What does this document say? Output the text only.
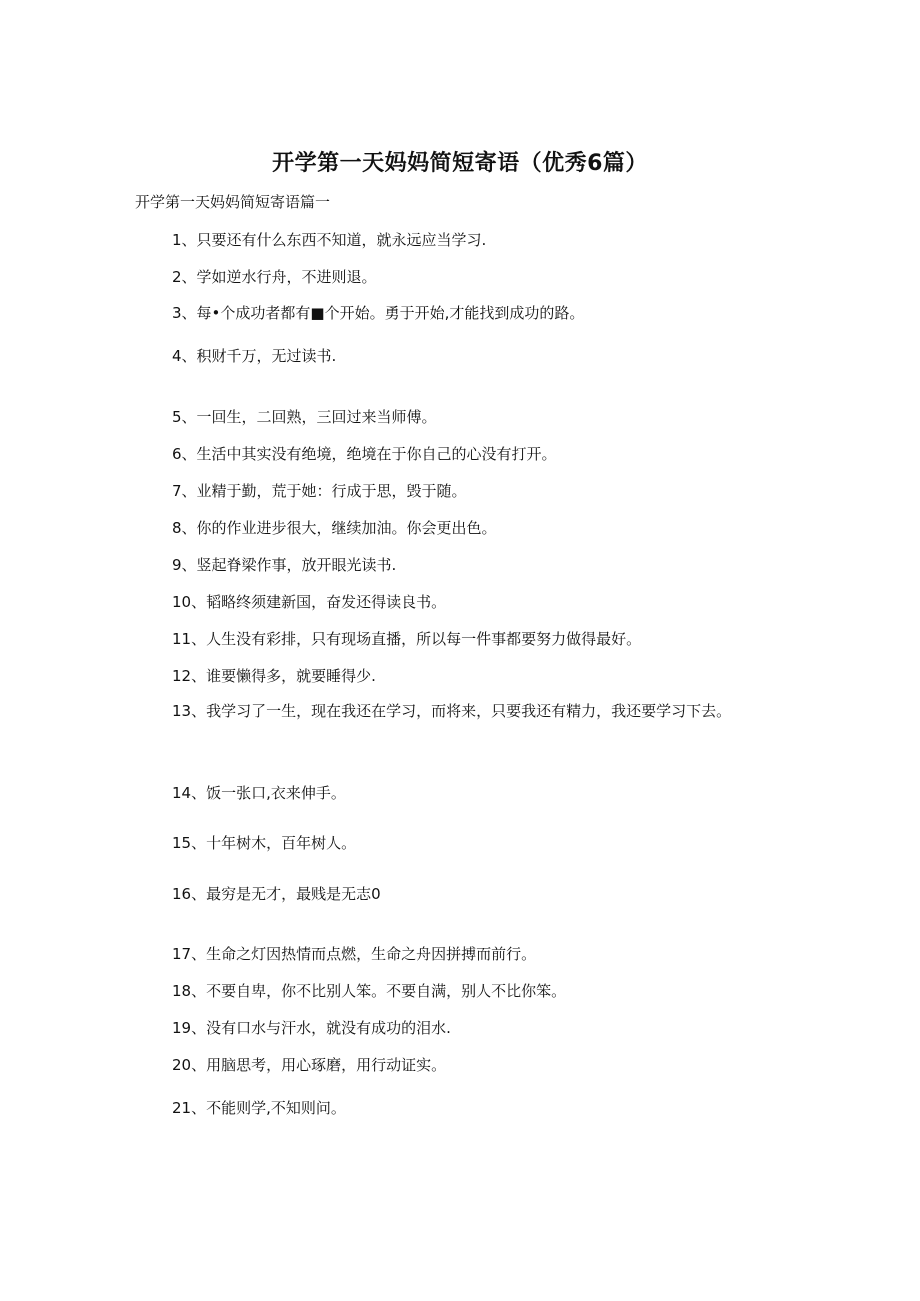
开学第一天妈妈简短寄语（优秀6篇）
开学第一天妈妈简短寄语篇一
1、只要还有什么东西不知道，就永远应当学习.
2、学如逆水行舟，不进则退。
3、每•个成功者都有■个开始。勇于开始,才能找到成功的路。
4、积财千万，无过读书.
5、一回生，二回熟，三回过来当师傅。
6、生活中其实没有绝境，绝境在于你自己的心没有打开。
7、业精于勤，荒于她：行成于思，毁于随。
8、你的作业进步很大，继续加油。你会更出色。
9、竖起脊梁作事，放开眼光读书.
10、韬略终须建新国，奋发还得读良书。
11、人生没有彩排，只有现场直播，所以每一件事都要努力做得最好。
12、谁要懒得多，就要睡得少.
13、我学习了一生，现在我还在学习，而将来，只要我还有精力，我还要学习下去。
14、饭一张口,衣来伸手。
15、十年树木，百年树人。
16、最穷是无才，最贱是无志0
17、生命之灯因热情而点燃，生命之舟因拼搏而前行。
18、不要自卑，你不比别人笨。不要自满，别人不比你笨。
19、没有口水与汗水，就没有成功的泪水.
20、用脑思考，用心琢磨，用行动证实。
21、不能则学,不知则问。
